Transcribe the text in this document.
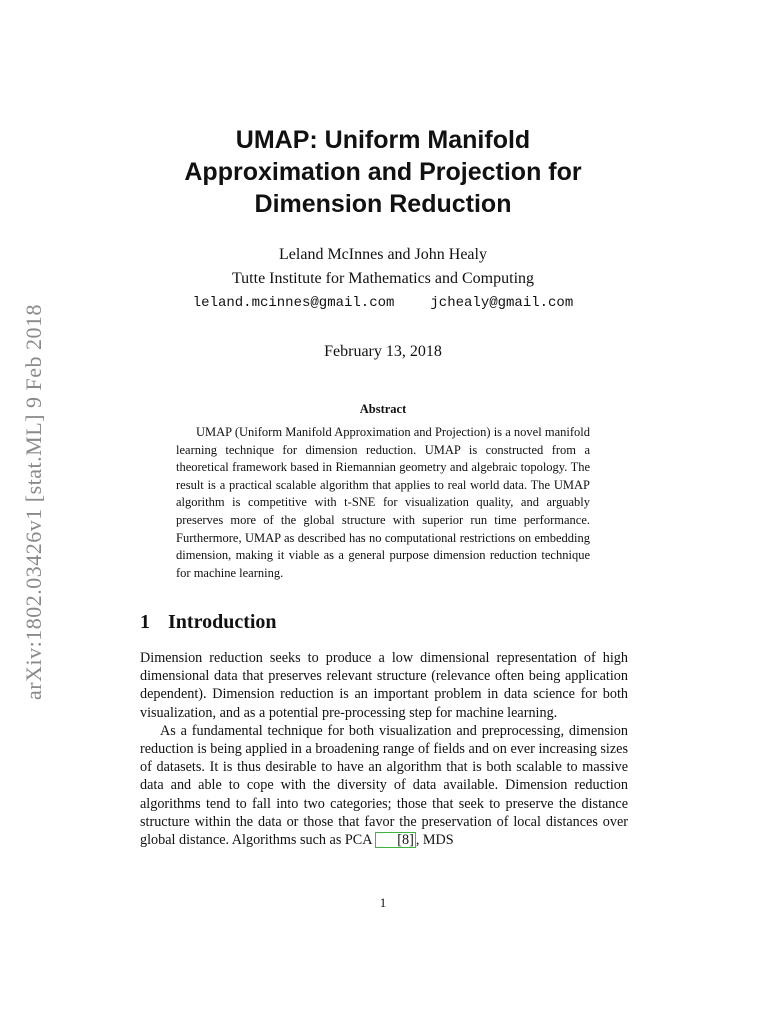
arXiv:1802.03426v1 [stat.ML] 9 Feb 2018

UMAP: Uniform Manifold

Approximation and Projection for

Dimension Reduction

Leland McInnes and John Healy
Tutte Institute for Mathematics and Computing
leland.mcinnes@gmail.com	jchealy@gmail.com
February 13, 2018
Abstract

UMAP (Uniform Manifold Approximation and Projection) is a novel manifold learning technique for dimension reduction. UMAP is constructed from a theoretical framework based in Riemannian geometry and algebraic topology. The result is a practical scalable algorithm that applies to real world data. The UMAP algorithm is competitive with t-SNE for visualization quality, and arguably preserves more of the global structure with superior run time performance. Furthermore, UMAP as described has no computational restrictions on embedding dimension, making it viable as a general purpose dimension reduction technique for machine learning.

1 Introduction

Dimension reduction seeks to produce a low dimensional representation of high dimensional data that preserves relevant structure (relevance often being application dependent). Dimension reduction is an important problem in data science for both visualization, and as a potential pre-processing step for machine learning.

As a fundamental technique for both visualization and preprocessing, dimension reduction is being applied in a broadening range of fields and on ever increasing sizes of datasets. It is thus desirable to have an algorithm that is both scalable to massive data and able to cope with the diversity of data available. Dimension reduction algorithms tend to fall into two categories; those that seek to preserve the distance structure within the data or those that favor the preservation of local distances over global distance. Algorithms such as PCA [8] , MDS

1
